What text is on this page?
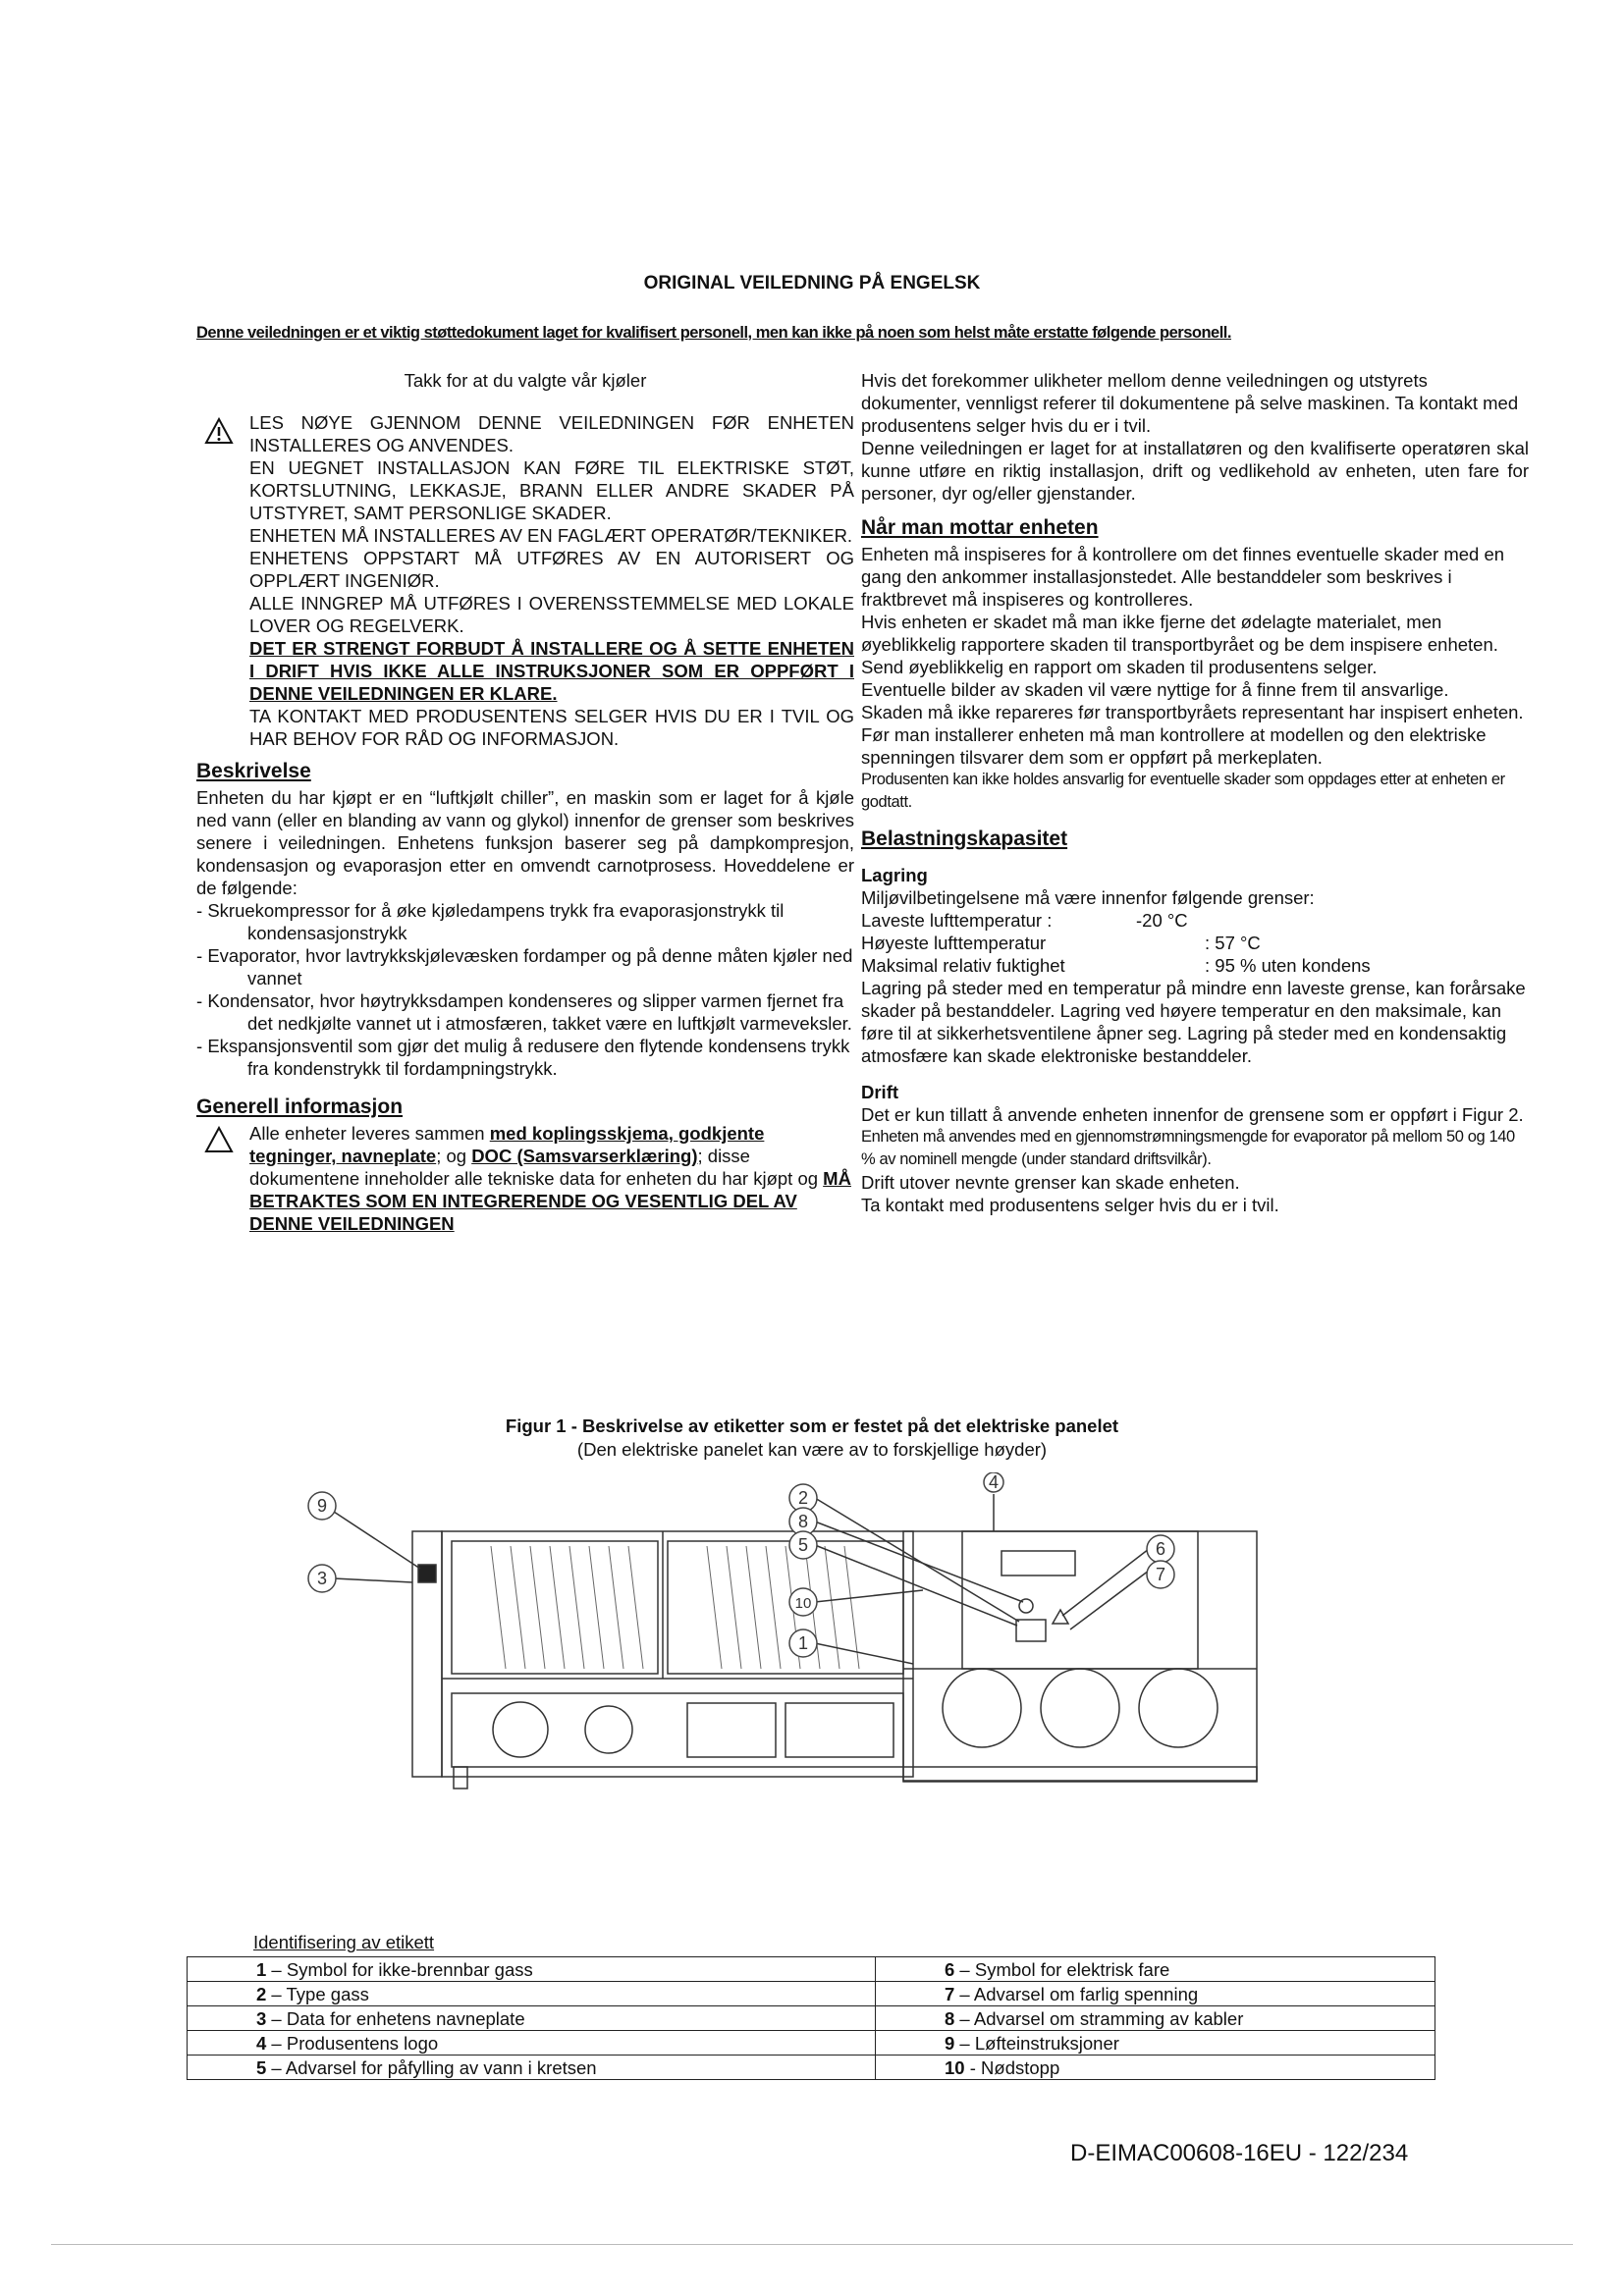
ORIGINAL VEILEDNING PÅ ENGELSK
Denne veiledningen er et viktig støttedokument laget for kvalifisert personell, men kan ikke på noen som helst måte erstatte følgende personell.

Takk for at du valgte vår kjøler

LES NØYE GJENNOM DENNE VEILEDNINGEN FØR ENHETEN INSTALLERES OG ANVENDES.

EN UEGNET INSTALLASJON KAN FØRE TIL ELEKTRISKE STØT, KORTSLUTNING, LEKKASJE, BRANN ELLER ANDRE SKADER PÅ UTSTYRET, SAMT PERSONLIGE SKADER.

ENHETEN MÅ INSTALLERES AV EN FAGLÆRT OPERATØR/TEKNIKER.

ENHETENS OPPSTART MÅ UTFØRES AV EN AUTORISERT OG OPPLÆRT INGENIØR.

ALLE INNGREP MÅ UTFØRES I OVERENSSTEMMELSE MED LOKALE LOVER OG REGELVERK.

DET ER STRENGT FORBUDT Å INSTALLERE OG Å SETTE ENHETEN I DRIFT HVIS IKKE ALLE INSTRUKSJONER SOM ER OPPFØRT I DENNE VEILEDNINGEN ER KLARE.

TA KONTAKT MED PRODUSENTENS SELGER HVIS DU ER I TVIL OG HAR BEHOV FOR RÅD OG INFORMASJON.

Beskrivelse

Enheten du har kjøpt er en “luftkjølt chiller”, en maskin som er laget for å kjøle ned vann (eller en blanding av vann og glykol) innenfor de grenser som beskrives senere i veiledningen. Enhetens funksjon baserer seg på dampkompresjon, kondensasjon og evaporasjon etter en omvendt carnotprosess. Hoveddelene er de følgende:

- Skruekompressor for å øke kjøledampens trykk fra evaporasjonstrykk til kondensasjonstrykk
- Evaporator, hvor lavtrykkskjølevæsken fordamper og på denne måten kjøler ned vannet
- Kondensator, hvor høytrykksdampen kondenseres og slipper varmen fjernet fra det nedkjølte vannet ut i atmosfæren, takket være en luftkjølt varmeveksler.
- Ekspansjonsventil som gjør det mulig å redusere den flytende kondensens trykk fra kondenstrykk til fordampningstrykk.
Generell informasjon

Alle enheter leveres sammen med koplingsskjema, godkjente tegninger, navneplate; og DOC (Samsvarserklæring); disse dokumentene inneholder alle tekniske data for enheten du har kjøpt og MÅ BETRAKTES SOM EN INTEGRERENDE OG VESENTLIG DEL AV DENNE VEILEDNINGEN

Hvis det forekommer ulikheter mellom denne veiledningen og utstyrets dokumenter, vennligst referer til dokumentene på selve maskinen. Ta kontakt med produsentens selger hvis du er i tvil.

Denne veiledningen er laget for at installatøren og den kvalifiserte operatøren skal kunne utføre en riktig installasjon, drift og vedlikehold av enheten, uten fare for personer, dyr og/eller gjenstander.

Når man mottar enheten

Enheten må inspiseres for å kontrollere om det finnes eventuelle skader med en gang den ankommer installasjonstedet. Alle bestanddeler som beskrives i fraktbrevet må inspiseres og kontrolleres.

Hvis enheten er skadet må man ikke fjerne det ødelagte materialet, men øyeblikkelig rapportere skaden til transportbyrået og be dem inspisere enheten.

Send øyeblikkelig en rapport om skaden til produsentens selger.

Eventuelle bilder av skaden vil være nyttige for å finne frem til ansvarlige.

Skaden må ikke repareres før transportbyråets representant har inspisert enheten.

Før man installerer enheten må man kontrollere at modellen og den elektriske spenningen tilsvarer dem som er oppført på merkeplaten.

Produsenten kan ikke holdes ansvarlig for eventuelle skader som oppdages etter at enheten er godtatt.

Belastningskapasitet
Lagring

Miljøvilbetingelsene må være innenfor følgende grenser:

Laveste lufttemperatur :	-20 °C
Høyeste lufttemperatur	: 57 °C
Maksimal relativ fuktighet	: 95 % uten kondens

Lagring på steder med en temperatur på mindre enn laveste grense, kan forårsake skader på bestanddeler. Lagring ved høyere temperatur en den maksimale, kan føre til at sikkerhetsventilene åpner seg. Lagring på steder med en kondensaktig atmosfære kan skade elektroniske bestanddeler.

Drift

Det er kun tillatt å anvende enheten innenfor de grensene som er oppført i Figur 2.

Enheten må anvendes med en gjennomstrømningsmengde for evaporator på mellom 50 og 140 % av nominell mengde (under standard driftsvilkår).

Drift utover nevnte grenser kan skade enheten.

Ta kontakt med produsentens selger hvis du er i tvil.

Figur 1 - Beskrivelse av etiketter som er festet på det elektriske panelet
(Den elektriske panelet kan være av to forskjellige høyder)
9
3
2
8
5
10
1
4
6
7
Identifisering av etikett
1 – Symbol for ikke-brennbar gass	6 – Symbol for elektrisk fare
2 – Type gass	7 – Advarsel om farlig spenning
3 – Data for enhetens navneplate	8 – Advarsel om stramming av kabler
4 – Produsentens logo	9 – Løfteinstruksjoner
5 – Advarsel for påfylling av vann i kretsen	10 - Nødstopp
D-EIMAC00608-16EU - 122/234
